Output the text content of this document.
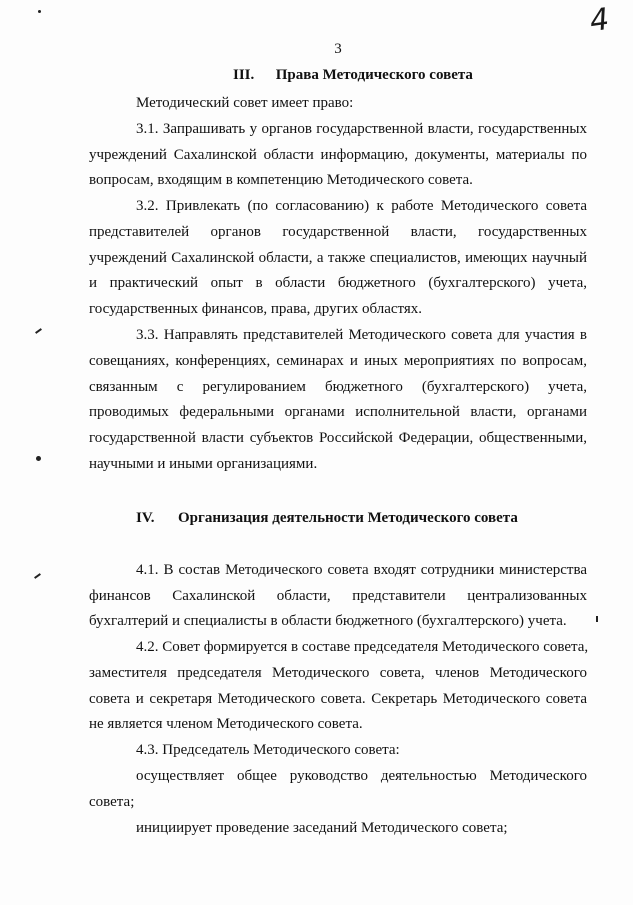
4
3
III. Права Методического совета
Методический совет имеет право:
3.1. Запрашивать у органов государственной власти, государственных
учреждений Сахалинской области информацию, документы, материалы по
вопросам, входящим в компетенцию Методического совета.
3.2. Привлекать (по согласованию) к работе Методического совета
представителей органов государственной власти, государственных
учреждений Сахалинской области, а также специалистов, имеющих научный
и практический опыт в области бюджетного (бухгалтерского) учета,
государственных финансов, права, других областях.
3.3. Направлять представителей Методического совета для участия в
совещаниях, конференциях, семинарах и иных мероприятиях по вопросам,
связанным с регулированием бюджетного (бухгалтерского) учета,
проводимых федеральными органами исполнительной власти, органами
государственной власти субъектов Российской Федерации, общественными,
научными и иными организациями.
IV. Организация деятельности Методического совета
4.1. В состав Методического совета входят сотрудники министерства
финансов Сахалинской области, представители централизованных
бухгалтерий и специалисты в области бюджетного (бухгалтерского) учета.
4.2. Совет формируется в составе председателя Методического совета,
заместителя председателя Методического совета, членов Методического
совета и секретаря Методического совета. Секретарь Методического совета
не является членом Методического совета.
4.3. Председатель Методического совета:
осуществляет общее руководство деятельностью Методического
совета;
инициирует проведение заседаний Методического совета;
